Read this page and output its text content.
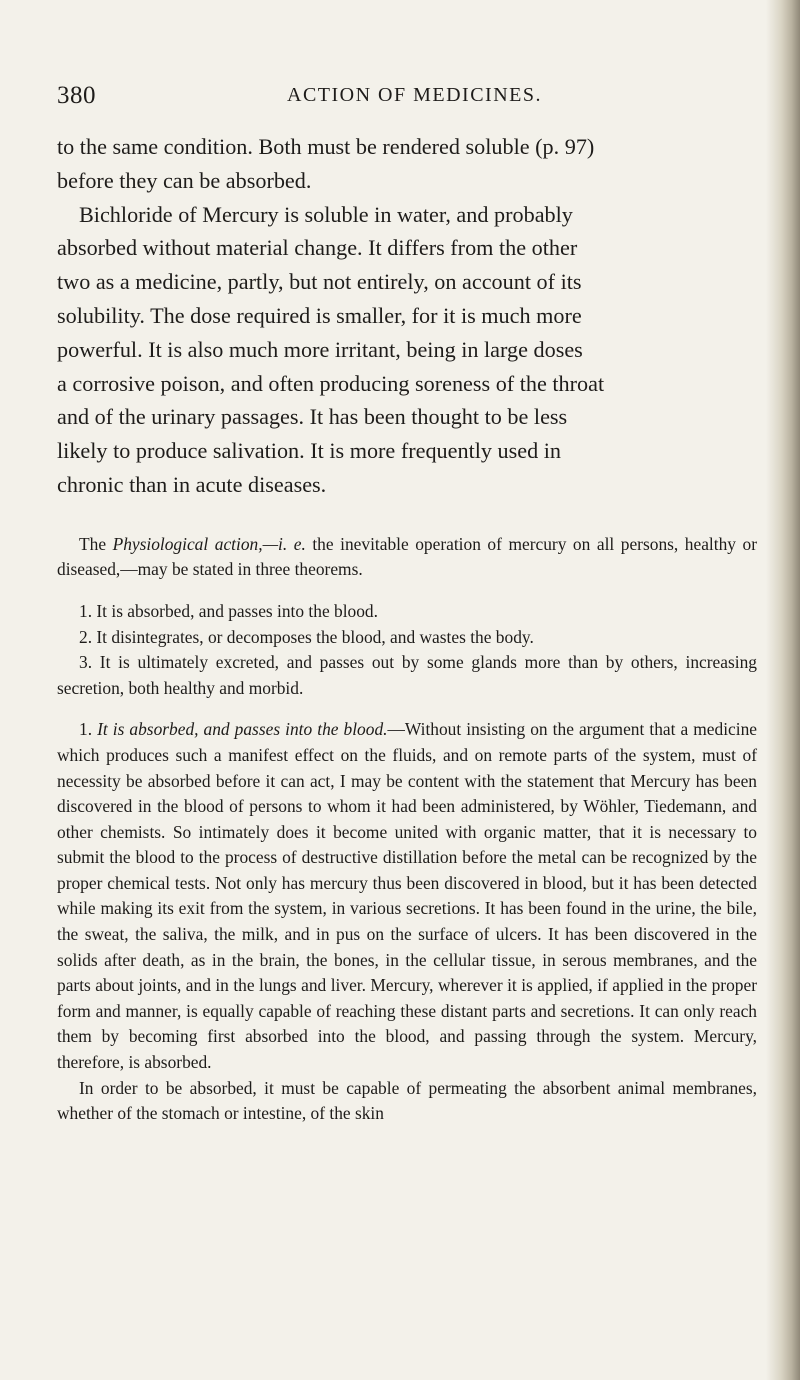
380	ACTION OF MEDICINES.

to the same condition. Both must be rendered soluble (p. 97)
before they can be absorbed.

Bichloride of Mercury is soluble in water, and probably
absorbed without material change. It differs from the other
two as a medicine, partly, but not entirely, on account of its
solubility. The dose required is smaller, for it is much more
powerful. It is also much more irritant, being in large doses
a corrosive poison, and often producing soreness of the throat
and of the urinary passages. It has been thought to be less
likely to produce salivation. It is more frequently used in
chronic than in acute diseases.

The Physiological action,—i. e. the inevitable operation of mercury on all persons, healthy or diseased,—may be stated in three theorems.

1. It is absorbed, and passes into the blood.

2. It disintegrates, or decomposes the blood, and wastes the body.

3. It is ultimately excreted, and passes out by some glands more than by others, increasing secretion, both healthy and morbid.

1. It is absorbed, and passes into the blood.—Without insisting on the argument that a medicine which produces such a manifest effect on the fluids, and on remote parts of the system, must of necessity be absorbed before it can act, I may be content with the statement that Mercury has been discovered in the blood of persons to whom it had been administered, by Wöhler, Tiedemann, and other chemists. So intimately does it become united with organic matter, that it is necessary to submit the blood to the process of destructive distillation before the metal can be recognized by the proper chemical tests. Not only has mercury thus been discovered in blood, but it has been detected while making its exit from the system, in various secretions. It has been found in the urine, the bile, the sweat, the saliva, the milk, and in pus on the surface of ulcers. It has been discovered in the solids after death, as in the brain, the bones, in the cellular tissue, in serous membranes, and the parts about joints, and in the lungs and liver. Mercury, wherever it is applied, if applied in the proper form and manner, is equally capable of reaching these distant parts and secretions. It can only reach them by becoming first absorbed into the blood, and passing through the system. Mercury, therefore, is absorbed.

In order to be absorbed, it must be capable of permeating the absorbent animal membranes, whether of the stomach or intestine, of the skin
